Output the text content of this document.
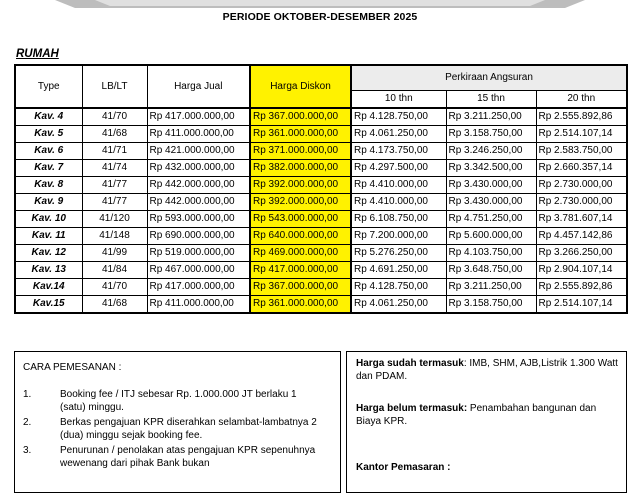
PERIODE OKTOBER-DESEMBER 2025
RUMAH
Type	LB/LT	Harga Jual	Harga Diskon	Perkiraan Angsuran		
				10 thn	15 thn	20 thn
Kav. 4	41/70	Rp 417.000.000,00	Rp 367.000.000,00	Rp 4.128.750,00	Rp 3.211.250,00	Rp 2.555.892,86
Kav. 5	41/68	Rp 411.000.000,00	Rp 361.000.000,00	Rp 4.061.250,00	Rp 3.158.750,00	Rp 2.514.107,14
Kav. 6	41/71	Rp 421.000.000,00	Rp 371.000.000,00	Rp 4.173.750,00	Rp 3.246.250,00	Rp 2.583.750,00
Kav. 7	41/74	Rp 432.000.000,00	Rp 382.000.000,00	Rp 4.297.500,00	Rp 3.342.500,00	Rp 2.660.357,14
Kav. 8	41/77	Rp 442.000.000,00	Rp 392.000.000,00	Rp 4.410.000,00	Rp 3.430.000,00	Rp 2.730.000,00
Kav. 9	41/77	Rp 442.000.000,00	Rp 392.000.000,00	Rp 4.410.000,00	Rp 3.430.000,00	Rp 2.730.000,00
Kav. 10	41/120	Rp 593.000.000,00	Rp 543.000.000,00	Rp 6.108.750,00	Rp 4.751.250,00	Rp 3.781.607,14
Kav. 11	41/148	Rp 690.000.000,00	Rp 640.000.000,00	Rp 7.200.000,00	Rp 5.600.000,00	Rp 4.457.142,86
Kav. 12	41/99	Rp 519.000.000,00	Rp 469.000.000,00	Rp 5.276.250,00	Rp 4.103.750,00	Rp 3.266.250,00
Kav. 13	41/84	Rp 467.000.000,00	Rp 417.000.000,00	Rp 4.691.250,00	Rp 3.648.750,00	Rp 2.904.107,14
Kav.14	41/70	Rp 417.000.000,00	Rp 367.000.000,00	Rp 4.128.750,00	Rp 3.211.250,00	Rp 2.555.892,86
Kav.15	41/68	Rp 411.000.000,00	Rp 361.000.000,00	Rp 4.061.250,00	Rp 3.158.750,00	Rp 2.514.107,14
CARA PEMESANAN :
1.	Booking fee / ITJ sebesar Rp. 1.000.000 JT berlaku 1 (satu) minggu.
2.	Berkas pengajuan KPR diserahkan selambat-lambatnya 2 (dua) minggu sejak booking fee.
3.	Penurunan / penolakan atas pengajuan KPR sepenuhnya wewenang dari pihak Bank bukan
Harga sudah termasuk: IMB, SHM, AJB,Listrik 1.300 Watt dan PDAM.
Harga belum termasuk: Penambahan bangunan dan Biaya KPR.
Kantor Pemasaran :
